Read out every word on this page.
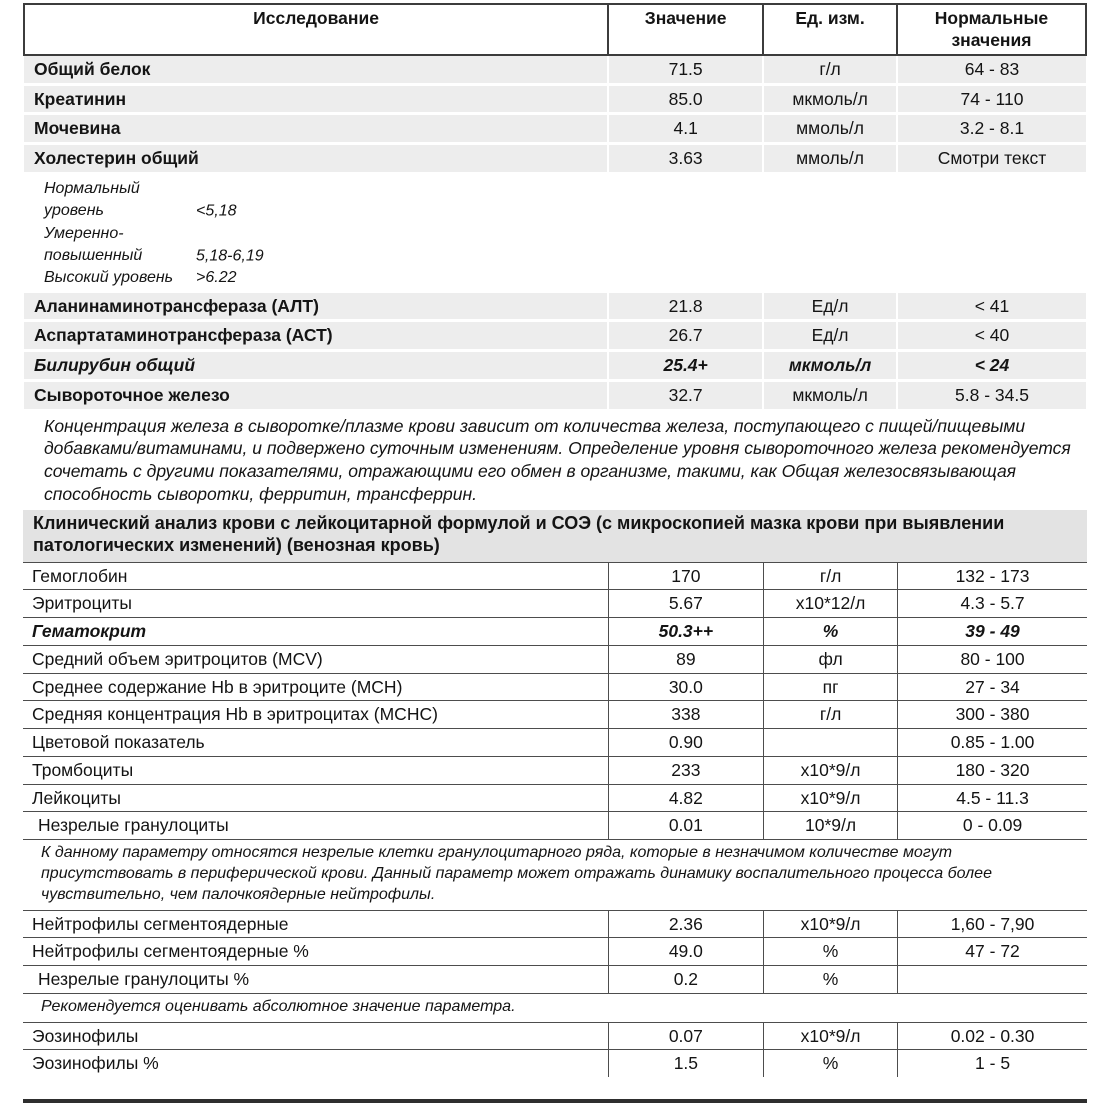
Исследование	Значение	Ед. изм.	Нормальные значения
Общий белок	71.5	г/л	64 - 83
Креатинин	85.0	мкмоль/л	74 - 110
Мочевина	4.1	ммоль/л	3.2 - 8.1
Холестерин общий	3.63	ммоль/л	Смотри текст

Нормальный уровень <5,18
Умеренно-повышенный 5,18-6,19
Высокий уровень >6.22			

Аланинаминотрансфераза (АЛТ)	21.8	Ед/л	< 41
Аспартатаминотрансфераза (АСТ)	26.7	Ед/л	< 40
Билирубин общий	25.4+	мкмоль/л	< 24
Сывороточное железо	32.7	мкмоль/л	5.8 - 34.5
Концентрация железа в сыворотке/плазме крови зависит от количества железа, поступающего с пищей/пищевыми добавками/витаминами, и подвержено суточным изменениям. Определение уровня сывороточного железа рекомендуется сочетать с другими показателями, отражающими его обмен в организме, такими, как Общая железосвязывающая способность сыворотки, ферритин, трансферрин.			
Клинический анализ крови с лейкоцитарной формулой и СОЭ (с микроскопией мазка крови при выявлении патологических изменений) (венозная кровь)
Гемоглобин	170	г/л	132 - 173
Эритроциты	5.67	х10*12/л	4.3 - 5.7
Гематокрит	50.3++	%	39 - 49
Средний объем эритроцитов (MCV)	89	фл	80 - 100
Среднее содержание Hb в эритроците (MCH)	30.0	пг	27 - 34
Средняя концентрация Hb в эритроцитах (MCHC)	338	г/л	300 - 380
Цветовой показатель	0.90		0.85 - 1.00
Тромбоциты	233	х10*9/л	180 - 320
Лейкоциты	4.82	х10*9/л	4.5 - 11.3
Незрелые гранулоциты	0.01	10*9/л	0 - 0.09
К данному параметру относятся незрелые клетки гранулоцитарного ряда, которые в незначимом количестве могут присутствовать в периферической крови. Данный параметр может отражать динамику воспалительного процесса более чувствительно, чем палочкоядерные нейтрофилы.			
Нейтрофилы сегментоядерные	2.36	х10*9/л	1,60 - 7,90
Нейтрофилы сегментоядерные %	49.0	%	47 - 72
Незрелые гранулоциты %	0.2	%	
Рекомендуется оценивать абсолютное значение параметра.			
Эозинофилы	0.07	х10*9/л	0.02 - 0.30
Эозинофилы %	1.5	%	1 - 5
